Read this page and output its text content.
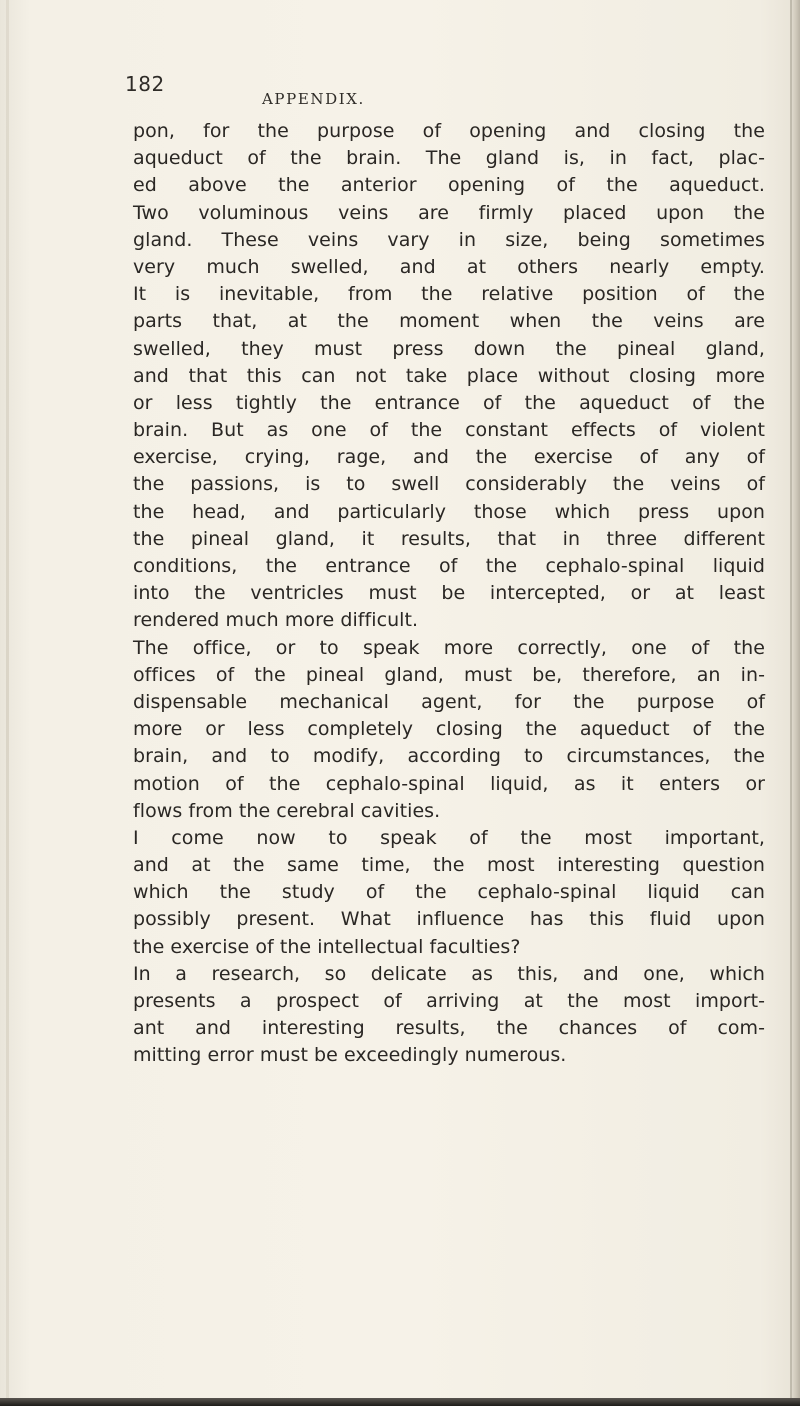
182
APPENDIX.
pon, for the purpose of opening and closing the
aqueduct of the brain. The gland is, in fact, plac-
ed above the anterior opening of the aqueduct.
Two voluminous veins are firmly placed upon the
gland. These veins vary in size, being sometimes
very much swelled, and at others nearly empty.
It is inevitable, from the relative position of the
parts that, at the moment when the veins are
swelled, they must press down the pineal gland,
and that this can not take place without closing more
or less tightly the entrance of the aqueduct of the
brain. But as one of the constant effects of violent
exercise, crying, rage, and the exercise of any of
the passions, is to swell considerably the veins of
the head, and particularly those which press upon
the pineal gland, it results, that in three different
conditions, the entrance of the cephalo-spinal liquid
into the ventricles must be intercepted, or at least
rendered much more difficult.
The office, or to speak more correctly, one of the
offices of the pineal gland, must be, therefore, an in-
dispensable mechanical agent, for the purpose of
more or less completely closing the aqueduct of the
brain, and to modify, according to circumstances, the
motion of the cephalo-spinal liquid, as it enters or
flows from the cerebral cavities.
I come now to speak of the most important,
and at the same time, the most interesting question
which the study of the cephalo-spinal liquid can
possibly present. What influence has this fluid upon
the exercise of the intellectual faculties?
In a research, so delicate as this, and one, which
presents a prospect of arriving at the most import-
ant and interesting results, the chances of com-
mitting error must be exceedingly numerous.
